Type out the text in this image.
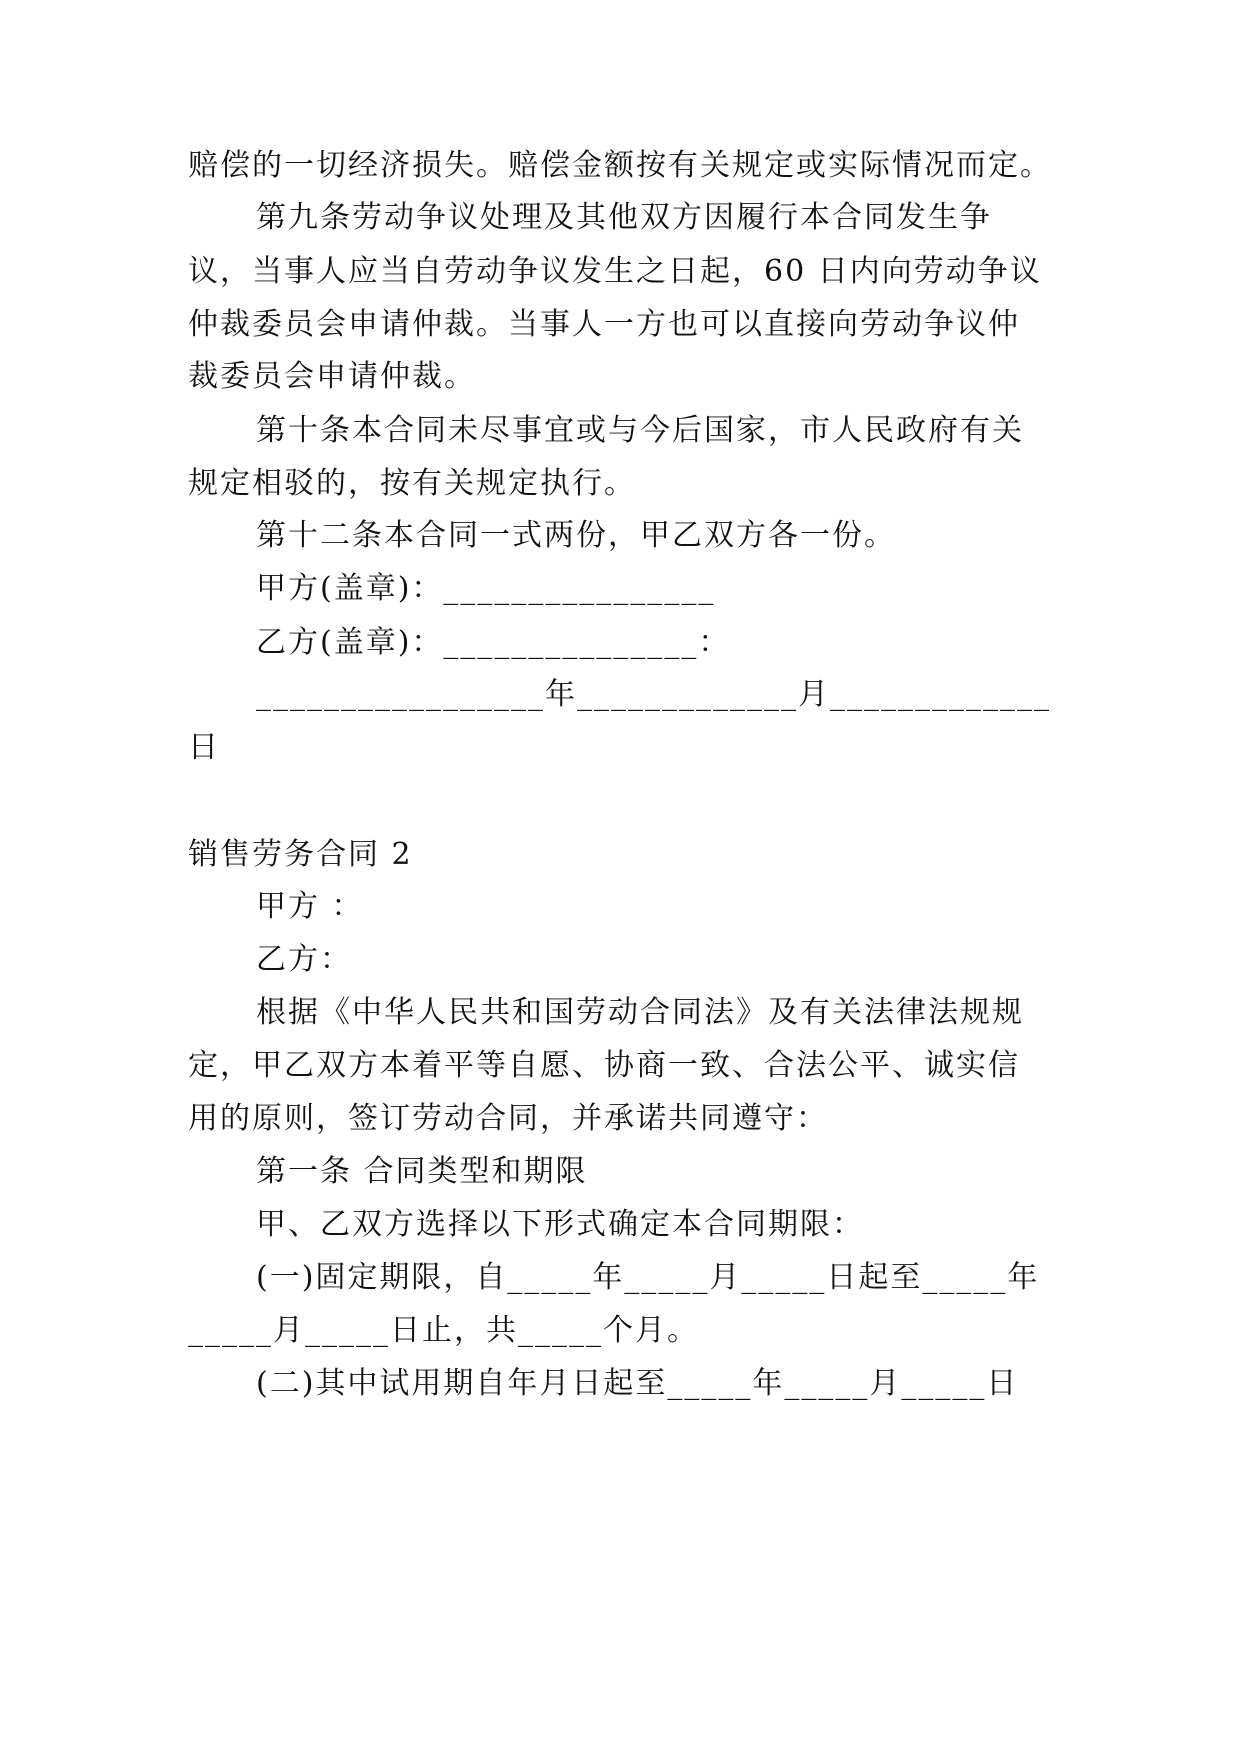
赔偿的一切经济损失。赔偿金额按有关规定或实际情况而定。
第九条劳动争议处理及其他双方因履行本合同发生争
议，当事人应当自劳动争议发生之日起，60 日内向劳动争议
仲裁委员会申请仲裁。当事人一方也可以直接向劳动争议仲
裁委员会申请仲裁。
第十条本合同未尽事宜或与今后国家，市人民政府有关
规定相驳的，按有关规定执行。
第十二条本合同一式两份，甲乙双方各一份。
甲方(盖章)：________________
乙方(盖章)：_______________：
_________________年_____________月_____________
日
销售劳务合同 2
甲方 ：
乙方：
根据《中华人民共和国劳动合同法》及有关法律法规规
定，甲乙双方本着平等自愿、协商一致、合法公平、诚实信
用的原则，签订劳动合同，并承诺共同遵守：
第一条 合同类型和期限
甲、乙双方选择以下形式确定本合同期限：
(一)固定期限，自_____年_____月_____日起至_____年
_____月_____日止，共_____个月。
(二)其中试用期自年月日起至_____年_____月_____日
